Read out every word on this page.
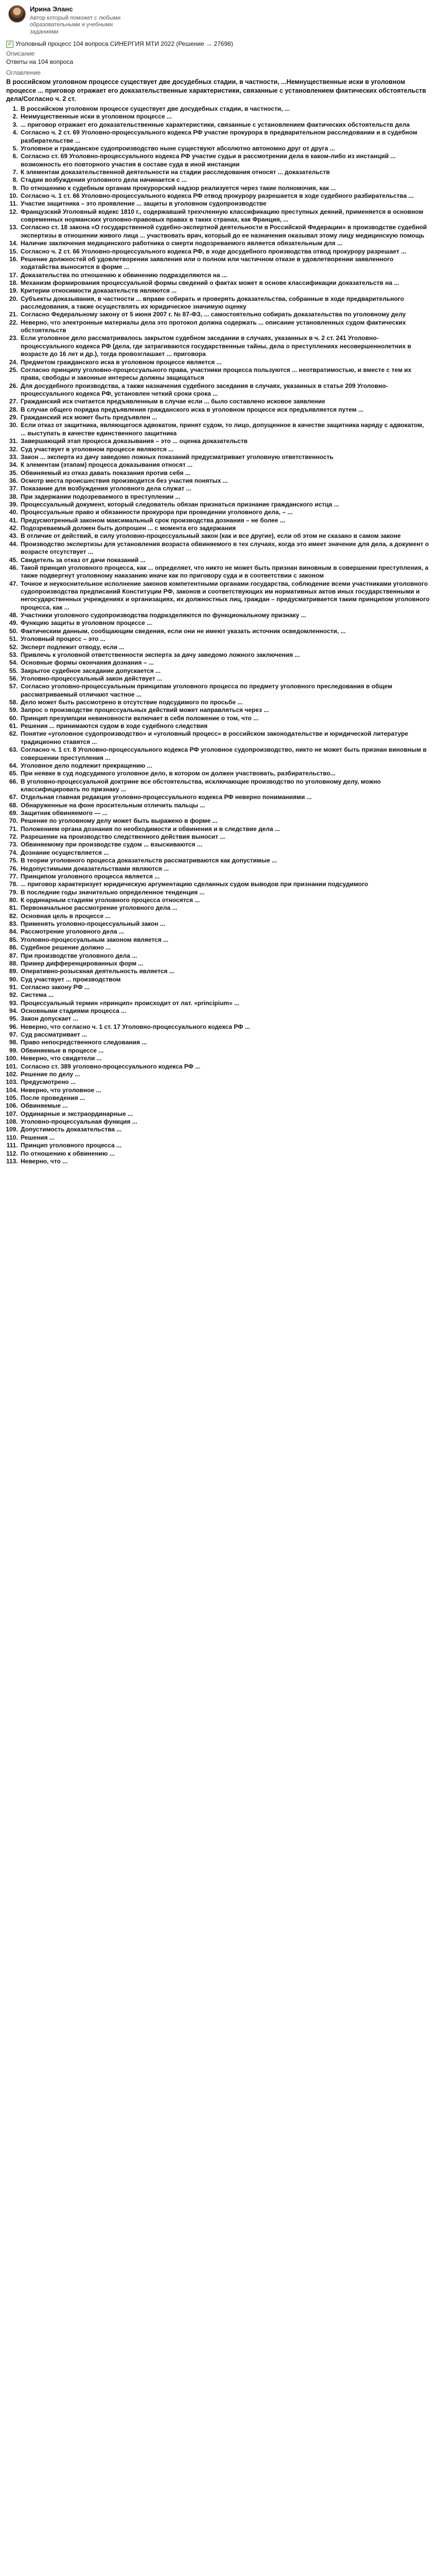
Ирина Эланс
Автор который поможет с любыми образовательными и учебными заданиями
✓ Уголовный процесс 104 вопроса СИНЕРГИЯ МТИ 2022 (Решение → 27698)
Описание
Ответы на 104 вопроса
Оглавление
В российском уголовном процессе существует две досудебных стадии, в частности, ...Немнущественные иски в уголовном процессе ... приговор отражает его доказательственные характеристики, связанные с установлением фактических обстоятельств дела/Согласно ч. 2 ст.
1. В российском уголовном процессе существует две досудебных стадии, в частности, ...
2. Неимущественные иски в уголовном процессе ...
3. ... приговор отражает его доказательственные характеристики, связанные с установлением фактических обстоятельств дела
4. Согласно ч. 2 ст. 69 Уголовно-процессуального кодекса РФ участие прокурора в предварительном расследовании и в судебном разбирательстве ...
5. Уголовное и гражданское судопроизводство ныне существуют абсолютно автономно друг от друга ...
6. Согласно ст. 69 Уголовно-процессуального кодекса РФ участие судьи в рассмотрении дела в каком-либо из инстанций ... возможность его повторного участия в составе суда в иной инстанции
7. К элементам доказательственной деятельности на стадии расследования относят ... доказательств
8. Стадии возбуждения уголовного дела начинается с ...
9. По отношению к судебным органам прокурорский надзор реализуется через такие полномочия, как ...
10. Согласно ч. 1 ст. 66 Уголовно-процессуального кодекса РФ отвод прокурору разрешается в ходе судебного разбирательства ...
11. Участие защитника – это проявление ... защиты в уголовном судопроизводстве
12. Французский Уголовный кодекс 1810 г., содержавший трехчленную классификацию преступных деяний, применяется в основном современных норманских уголовно-правовых правах в таких странах, как Франция, ...
13. Согласно ст. 18 закона «О государственной судебно-экспертной деятельности в Российской Федерации» в производстве судебной экспертизы в отношении живого лица ... участвовать врач, который до ее назначения оказывал этому лицу медицинскую помощь
14. Наличие заключения медицинского работника о смерти подозреваемого является обязательным для ...
15. Согласно ч. 2 ст. 66 Уголовно-процессуального кодекса РФ, в ходе досудебного производства отвод прокурору разрешает ...
16. Решение должностей об удовлетворении заявления или о полном или частичном отказе в удовлетворении заявленного ходатайства выносится в форме ...
17. Доказательства по отношению к обвинению подразделяются на ...
18. Механизм формирования процессуальной формы сведений о фактах может в основе классификации доказательств на ...
19. Критерии относимости доказательств являются ...
20. Субъекты доказывания, в частности ... вправе собирать и проверять доказательства, собранные в ходе предварительного расследования, а также осуществлять их юридическое значимую оценку
21. Согласно Федеральному закону от 5 июня 2007 г. № 87-ФЗ, ... самостоятельно собирать доказательства по уголовному делу
22. Неверно, что электронные материалы дела это протокол должна содержать ... описание установленных судом фактических обстоятельств
23. Если уголовное дело рассматривалось закрытом судебном заседании в случаях, указанных в ч. 2 ст. 241 Уголовно-процессуального кодекса РФ (дела, где затрагиваются государственные тайны, дела о преступлениях несовершеннолетних в возрасте до 16 лет и др.), тогда провозглашает ... приговора
24. Предметом гражданского иска в уголовном процессе является ...
25. Согласно принципу уголовно-процессуального права, участники процесса пользуются ... неотвратимостью, и вместе с тем их права, свободы и законные интересы должны защищаться
26. Для досудебного производства, а также назначения судебного заседания в случаях, указанных в статье 209 Уголовно-процессуального кодекса РФ, установлен четкий сроки срока ...
27. Гражданский иск считается предъявленным в случае если ... было составлено исковое заявление
28. В случае общего порядка предъявления гражданского иска в уголовном процессе иск предъявляется путем ...
29. Гражданский иск может быть предъявлен ...
30. Если отказ от защитника, являющегося адвокатом, принят судом, то лицо, допущенное в качестве защитника наряду с адвокатом, ... выступать в качестве единственного защитника
31. Завершающий этап процесса доказывания – это ... оценка доказательств
32. Суд участвует в уголовном процессе являются ...
33. Закон ... эксперта из дачу заведомо ложных показаний предусматривает уголовную ответственность
34. К элементам (этапам) процесса доказывания относят ...
35. Обвиняемый из отказ давать показания против себя ...
36. Осмотр места происшествия производится без участия понятых ...
37. Показание для возбуждения уголовного дела служат ...
38. При задержании подозреваемого в преступлении ...
39. Процессуальный документ, который следователь обязан признаться признание гражданского истца ...
40. Процессуальные право и обязанности прокурора при проведении уголовного дела, – ...
41. Предусмотренный законом максимальный срок производства дознания – не более ...
42. Подозреваемый должен быть допрошен ... с момента его задержания
43. В отличие от действий, в силу уголовно-процессуальный закон (как и все другие), если об этом не сказано в самом законе
44. Производство экспертизы для установления возраста обвиняемого в тех случаях, когда это имеет значение для дела, а документ о возрасте отсутствует ...
45. Свидетель за отказ от дачи показаний ...
46. Такой принцип уголовного процесса, как ... определяет, что никто не может быть признан виновным в совершении преступления, а также подвергнут уголовному наказанию иначе как по приговору суда и в соответствии с законом
47. Точное и неукоснительное исполнение законов компетентными органами государства, соблюдение всеми участниками уголовного судопроизводства предписаний Конституции РФ, законов и соответствующих им нормативных актов иных государственными и негосударственных учреждениях и организациях, их должностных лиц, граждан – предусматривается таким принципом уголовного процесса, как ...
48. Участники уголовного судопроизводства подразделяются по функциональному признаку ...
49. Функцию защиты в уголовном процессе ...
50. Фактическим данным, сообщающим сведения, если они не имеют указать источник осведомленности, ...
51. Уголовный процесс – это ...
52. Эксперт подлежит отводу, если ...
53. Привлечь к уголовной ответственности эксперта за дачу заведомо ложного заключения ...
54. Основные формы окончания дознания – ...
55. Закрытое судебное заседание допускается ...
56. Уголовно-процессуальный закон действует ...
57. Согласно уголовно-процессуальным принципам уголовного процесса по предмету уголовного преследования в общем рассматриваемый отличают частное ...
58. Дело может быть рассмотрено в отсутствие подсудимого по просьбе ...
59. Запрос о производстве процессуальных действий может направляться через ...
60. Принцип презумпции невиновности включает в себя положение о том, что ...
61. Решения ... принимаются судом в ходе судебного следствия
62. Понятие «уголовное судопроизводство» и «уголовный процесс» в российском законодательстве и юридической литературе традиционно ставятся ...
63. Согласно ч. 1 ст. 8 Уголовно-процессуального кодекса РФ уголовное судопроизводство, никто не может быть признан виновным в совершении преступления ...
64. Уголовное дело подлежит прекращению ...
65. При неявке в суд подсудимого уголовное дело, в котором он должен участвовать, разбирательство...
66. В уголовно-процессуальной доктрине все обстоятельства, исключающие производство по уголовному делу, можно классифицировать по признаку ...
67. Отдельная главная редакция уголовно-процессуального кодекса РФ неверно пониманиями ...
68. Обнаруженные на фоне просительным отличить пальцы ...
69. Защитник обвиняемого — ...
70. Решение по уголовному делу может быть выражено в форме ...
71. Положением органа дознания по необходимости и обвинения и в следствие дела ...
72. Разрешение на производство следственного действия выносит ...
73. Обвиняемому при производстве судом ... взыскиваются ...
74. Дознание осуществляется ...
75. В теории уголовного процесса доказательств рассматриваются как допустимые ...
76. Недопустимыми доказательствами являются ...
77. Принципом уголовного процесса является ...
78. ... приговор характеризует юридическую аргументацию сделанных судом выводов при признании подсудимого
79. В последние годы значительно определенное тенденция ...
80. К ординарным стадиям уголовного процесса относятся ...
81. Первоначальное рассмотрение уголовного дела ...
82. Основная цель в процессе ...
83. Применять уголовно-процессуальный закон ...
84. Рассмотрение уголовного дела ...
85. Уголовно-процессуальным законом является ...
86. Судебное решение должно ...
87. При производстве уголовного дела ...
88. Пример дифференцированных форм ...
89. Оперативно-розыскная деятельность является ...
90. Суд участвует ... производством
91. Согласно закону РФ ...
92. Система ...
93. Процессуальный термин «принцип» происходит от лат. «principium» ...
94. Основными стадиями процесса ...
95. Закон допускает ...
96. Неверно, что согласно ч. 1 ст. 17 Уголовно-процессуального кодекса РФ ...
97. Суд рассматривает ...
98. Право непосредственного следования ...
99. Обвиняемые в процессе ...
100. Неверно, что свидетели ...
101. Согласно ст. 389 уголовно-процессуального кодекса РФ ...
102. Решение по делу ...
103. Предусмотрено ...
104. Неверно, что уголовное ...
105. После проведения ...
106. Обвиняемые ...
107. Ординарные и экстраординарные ...
108. Уголовно-процессуальная функция ...
109. Допустимость доказательства ...
110. Решения ...
111. Принцип уголовного процесса ...
112. По отношению к обвинению ...
113. Неверно, что ...
